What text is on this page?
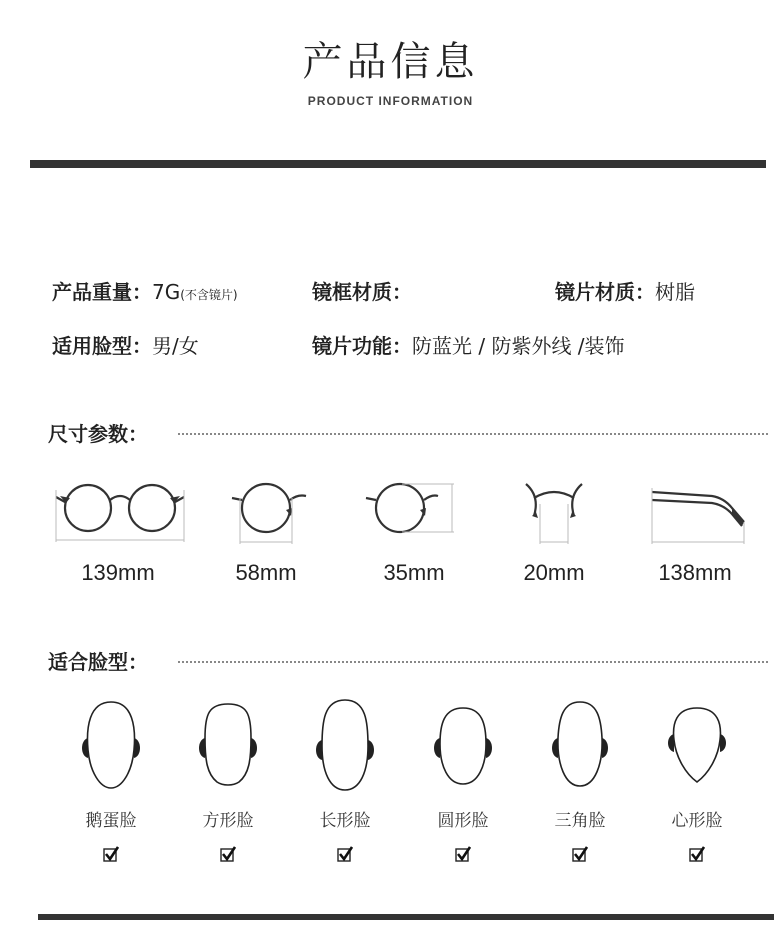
产品信息
PRODUCT INFORMATION
产品重量：7G(不含镜片)	镜框材质：	镜片材质：树脂
适用脸型：男/女	镜片功能：防蓝光 / 防紫外线 /装饰
尺寸参数：
139mm	58mm	35mm	20mm	138mm
适合脸型：
鹅蛋脸	方形脸	长形脸	圆形脸	三角脸	心形脸
